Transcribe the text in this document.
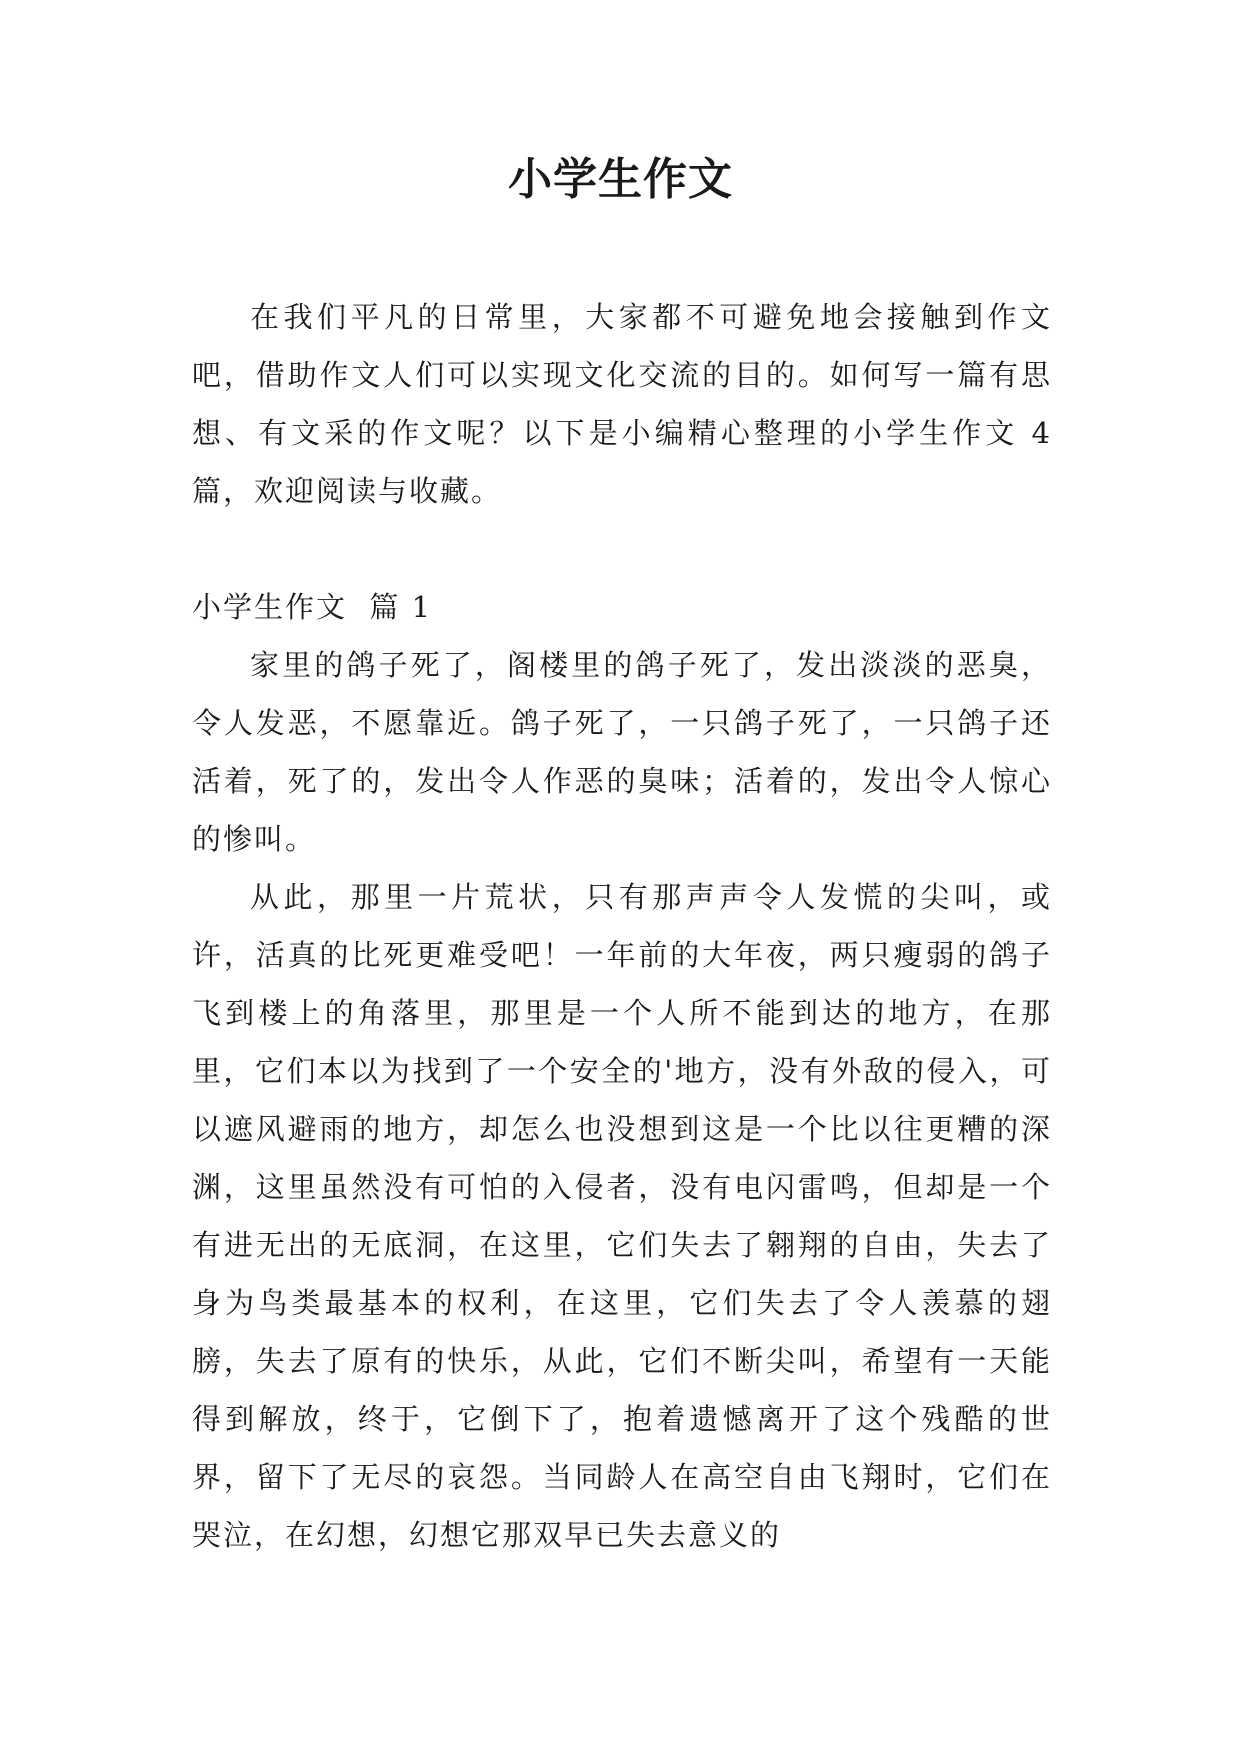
小学生作文

在我们平凡的日常里，大家都不可避免地会接触到作文吧，借助作文人们可以实现文化交流的目的。如何写一篇有思想、有文采的作文呢？以下是小编精心整理的小学生作文 4 篇，欢迎阅读与收藏。

小学生作文  篇 1

家里的鸽子死了，阁楼里的鸽子死了，发出淡淡的恶臭，令人发恶，不愿靠近。鸽子死了，一只鸽子死了，一只鸽子还活着，死了的，发出令人作恶的臭味；活着的，发出令人惊心的惨叫。

从此，那里一片荒状，只有那声声令人发慌的尖叫，或许，活真的比死更难受吧！一年前的大年夜，两只瘦弱的鸽子飞到楼上的角落里，那里是一个人所不能到达的地方，在那里，它们本以为找到了一个安全的'地方，没有外敌的侵入，可以遮风避雨的地方，却怎么也没想到这是一个比以往更糟的深渊，这里虽然没有可怕的入侵者，没有电闪雷鸣，但却是一个有进无出的无底洞，在这里，它们失去了翱翔的自由，失去了身为鸟类最基本的权利，在这里，它们失去了令人羡慕的翅膀，失去了原有的快乐，从此，它们不断尖叫，希望有一天能得到解放，终于，它倒下了，抱着遗憾离开了这个残酷的世界，留下了无尽的哀怨。当同龄人在高空自由飞翔时，它们在哭泣，在幻想，幻想它那双早已失去意义的
